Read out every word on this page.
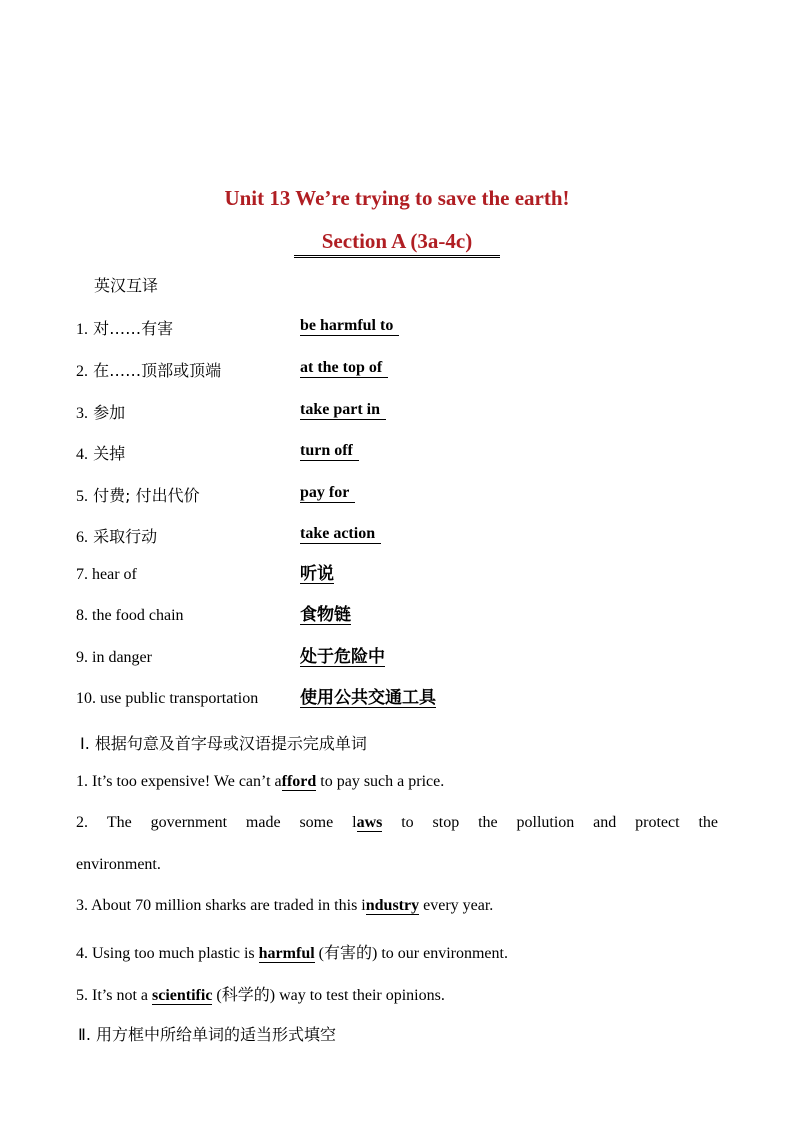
Unit 13 We’re trying to save the earth!
Section A (3a-4c)
英汉互译
1. 对……有害	be harmful to
2. 在……顶部或顶端	at the top of
3. 参加	take part in
4. 关掉	turn off
5. 付费; 付出代价	pay for
6. 采取行动	take action
7. hear of	听说
8. the food chain	食物链
9. in danger	处于危险中
10. use public transportation 使用公共交通工具
Ⅰ. 根据句意及首字母或汉语提示完成单词
1. It’s too expensive! We can’t afford to pay such a price.
2. The government made some laws to stop the pollution and protect the
environment.
3. About 70 million sharks are traded in this industry every year.
4. Using too much plastic is harmful (有害的) to our environment.
5. It’s not a scientific (科学的) way to test their opinions.
Ⅱ. 用方框中所给单词的适当形式填空
